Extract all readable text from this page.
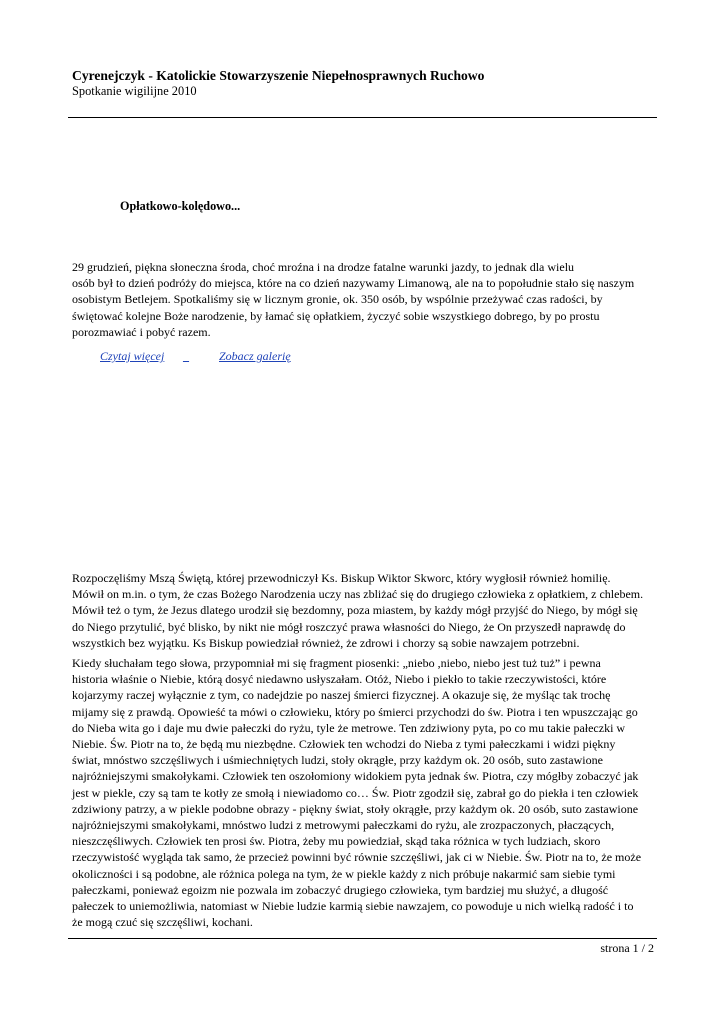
Cyrenejczyk - Katolickie Stowarzyszenie Niepełnosprawnych Ruchowo
Spotkanie wigilijne 2010
Opłatkowo-kolędowo...
29 grudzień, piękna słoneczna środa, choć mroźna i na drodze fatalne warunki jazdy, to jednak dla wielu
osób był to dzień podróży do miejsca, które na co dzień nazywamy Limanową, ale na to popołudnie stało się naszym
osobistym Betlejem. Spotkaliśmy się w licznym gronie, ok. 350 osób, by wspólnie przeżywać czas radości, by
świętować kolejne Boże narodzenie, by łamać się opłatkiem, życzyć sobie wszystkiego dobrego, by po prostu
porozmawiać i pobyć razem.
Czytaj więcej _	Zobacz galerię
Rozpoczęliśmy Mszą Świętą, której przewodniczył Ks. Biskup Wiktor Skworc, który wygłosił również homilię.
Mówił on m.in. o tym, że czas Bożego Narodzenia uczy nas zbliżać się do drugiego człowieka z opłatkiem, z chlebem.
Mówił też o tym, że Jezus dlatego urodził się bezdomny, poza miastem, by każdy mógł przyjść do Niego, by mógł się
do Niego przytulić, być blisko, by nikt nie mógł roszczyć prawa własności do Niego, że On przyszedł naprawdę do
wszystkich bez wyjątku. Ks Biskup powiedział również, że zdrowi i chorzy są sobie nawzajem potrzebni.
Kiedy słuchałam tego słowa, przypomniał mi się fragment piosenki: „niebo ,niebo, niebo jest tuż tuż” i pewna
historia właśnie o Niebie, którą dosyć niedawno usłyszałam. Otóż, Niebo i piekło to takie rzeczywistości, które
kojarzymy raczej wyłącznie z tym, co nadejdzie po naszej śmierci fizycznej. A okazuje się, że myśląc tak trochę
mijamy się z prawdą. Opowieść ta mówi o człowieku, który po śmierci przychodzi do św. Piotra i ten wpuszczając go
do Nieba wita go i daje mu dwie pałeczki do ryżu, tyle że metrowe. Ten zdziwiony pyta, po co mu takie pałeczki w
Niebie. Św. Piotr na to, że będą mu niezbędne. Człowiek ten wchodzi do Nieba z tymi pałeczkami i widzi piękny
świat, mnóstwo szczęśliwych i uśmiechniętych ludzi, stoły okrągłe, przy każdym ok. 20 osób, suto zastawione
najróżniejszymi smakołykami. Człowiek ten oszołomiony widokiem pyta jednak św. Piotra, czy mógłby zobaczyć jak
jest w piekle, czy są tam te kotły ze smołą i niewiadomo co… Św. Piotr zgodził się, zabrał go do piekła i ten człowiek
zdziwiony patrzy, a w piekle podobne obrazy - piękny świat, stoły okrągłe, przy każdym ok. 20 osób, suto zastawione
najróżniejszymi smakołykami, mnóstwo ludzi z metrowymi pałeczkami do ryżu, ale zrozpaczonych, płaczących,
nieszczęśliwych. Człowiek ten prosi św. Piotra, żeby mu powiedział, skąd taka różnica w tych ludziach, skoro
rzeczywistość wygląda tak samo, że przecież powinni być równie szczęśliwi, jak ci w Niebie. Św. Piotr na to, że może
okoliczności i są podobne, ale różnica polega na tym, że w piekle każdy z nich próbuje nakarmić sam siebie tymi
pałeczkami, ponieważ egoizm nie pozwala im zobaczyć drugiego człowieka, tym bardziej mu służyć, a długość
pałeczek to uniemożliwia, natomiast w Niebie ludzie karmią siebie nawzajem, co powoduje u nich wielką radość i to
że mogą czuć się szczęśliwi, kochani.
strona 1 / 2
